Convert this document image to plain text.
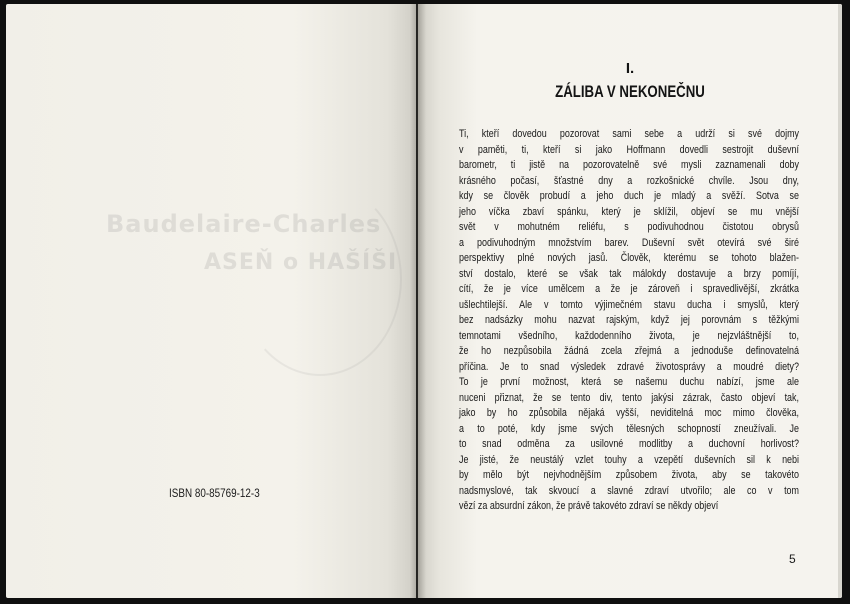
Baudelaire-Charles
ASEŇ o HAŠÍŠI
ISBN 80-85769-12-3
I.
ZÁLIBA V NEKONEČNU
Ti, kteří dovedou pozorovat sami sebe a udrží si své dojmy
v paměti, ti, kteří si jako Hoffmann dovedli sestrojit duševní
barometr, ti jistě na pozorovatelně své mysli zaznamenali doby
krásného počasí, šťastné dny a rozkošnické chvíle. Jsou dny,
kdy se člověk probudí a jeho duch je mladý a svěží. Sotva se
jeho víčka zbaví spánku, který je sklížil, objeví se mu vnější
svět v mohutném reliéfu, s podivuhodnou čistotou obrysů
a podivuhodným množstvím barev. Duševní svět otevírá své širé
perspektivy plné nových jasů. Člověk, kterému se tohoto blažen-
ství dostalo, které se však tak málokdy dostavuje a brzy pomíjí,
cítí, že je více umělcem a že je zároveň i spravedlivější, zkrátka
ušlechtilejší. Ale v tomto výjimečném stavu ducha i smyslů, který
bez nadsázky mohu nazvat rajským, když jej porovnám s těžkými
temnotami všedního, každodenního života, je nejzvláštnější to,
že ho nezpůsobila žádná zcela zřejmá a jednoduše definovatelná
příčina. Je to snad výsledek zdravé životosprávy a moudré diety?
To je první možnost, která se našemu duchu nabízí, jsme ale
nuceni přiznat, že se tento div, tento jakýsi zázrak, často objeví tak,
jako by ho způsobila nějaká vyšší, neviditelná moc mimo člověka,
a to poté, kdy jsme svých tělesných schopností zneužívali. Je
to snad odměna za usilovné modlitby a duchovní horlivost?
Je jisté, že neustálý vzlet touhy a vzepětí duševních sil k nebi
by mělo být nejvhodnějším způsobem života, aby se takovéto
nadsmyslové, tak skvoucí a slavné zdraví utvořilo; ale co v tom
vězí za absurdní zákon, že právě takovéto zdraví se někdy objeví
5
